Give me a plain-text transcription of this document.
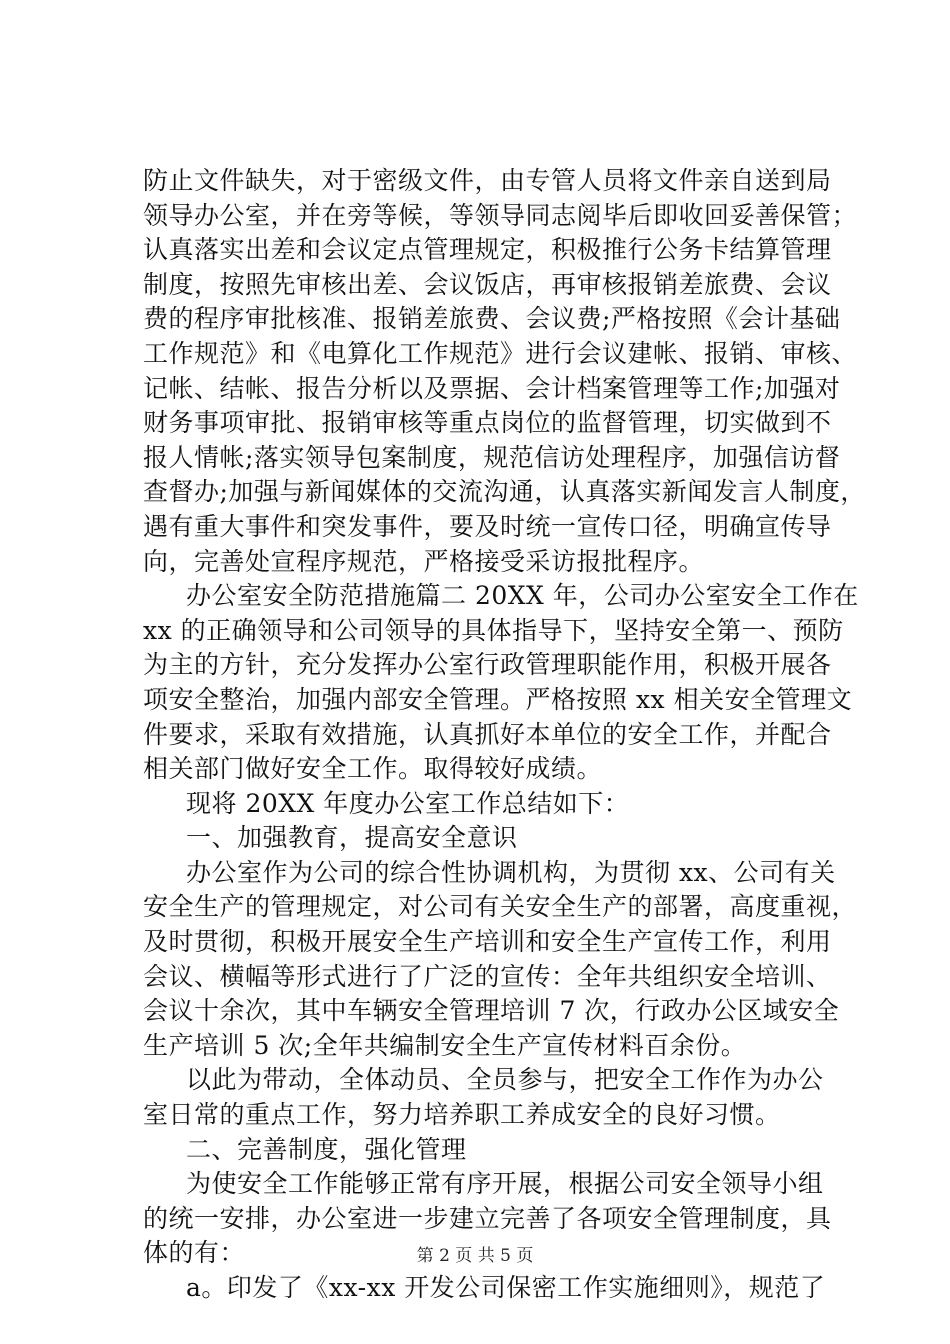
防止文件缺失，对于密级文件，由专管人员将文件亲自送到局
领导办公室，并在旁等候，等领导同志阅毕后即收回妥善保管；
认真落实出差和会议定点管理规定，积极推行公务卡结算管理
制度，按照先审核出差、会议饭店，再审核报销差旅费、会议
费的程序审批核准、报销差旅费、会议费;严格按照《会计基础
工作规范》和《电算化工作规范》进行会议建帐、报销、审核、
记帐、结帐、报告分析以及票据、会计档案管理等工作;加强对
财务事项审批、报销审核等重点岗位的监督管理，切实做到不
报人情帐;落实领导包案制度，规范信访处理程序，加强信访督
查督办;加强与新闻媒体的交流沟通，认真落实新闻发言人制度，
遇有重大事件和突发事件，要及时统一宣传口径，明确宣传导
向，完善处宣程序规范，严格接受采访报批程序。
办公室安全防范措施篇二 20XX 年，公司办公室安全工作在
xx 的正确领导和公司领导的具体指导下，坚持安全第一、预防
为主的方针，充分发挥办公室行政管理职能作用，积极开展各
项安全整治，加强内部安全管理。严格按照 xx 相关安全管理文
件要求，采取有效措施，认真抓好本单位的安全工作，并配合
相关部门做好安全工作。取得较好成绩。
现将 20XX 年度办公室工作总结如下：
一、加强教育，提高安全意识
办公室作为公司的综合性协调机构，为贯彻 xx、公司有关
安全生产的管理规定，对公司有关安全生产的部署，高度重视，
及时贯彻，积极开展安全生产培训和安全生产宣传工作，利用
会议、横幅等形式进行了广泛的宣传：全年共组织安全培训、
会议十余次，其中车辆安全管理培训 7 次，行政办公区域安全
生产培训 5 次;全年共编制安全生产宣传材料百余份。
以此为带动，全体动员、全员参与，把安全工作作为办公
室日常的重点工作，努力培养职工养成安全的良好习惯。
二、完善制度，强化管理
为使安全工作能够正常有序开展，根据公司安全领导小组
的统一安排，办公室进一步建立完善了各项安全管理制度，具
体的有：
a。印发了《xx-xx 开发公司保密工作实施细则》，规范了
第 2 页 共 5 页
